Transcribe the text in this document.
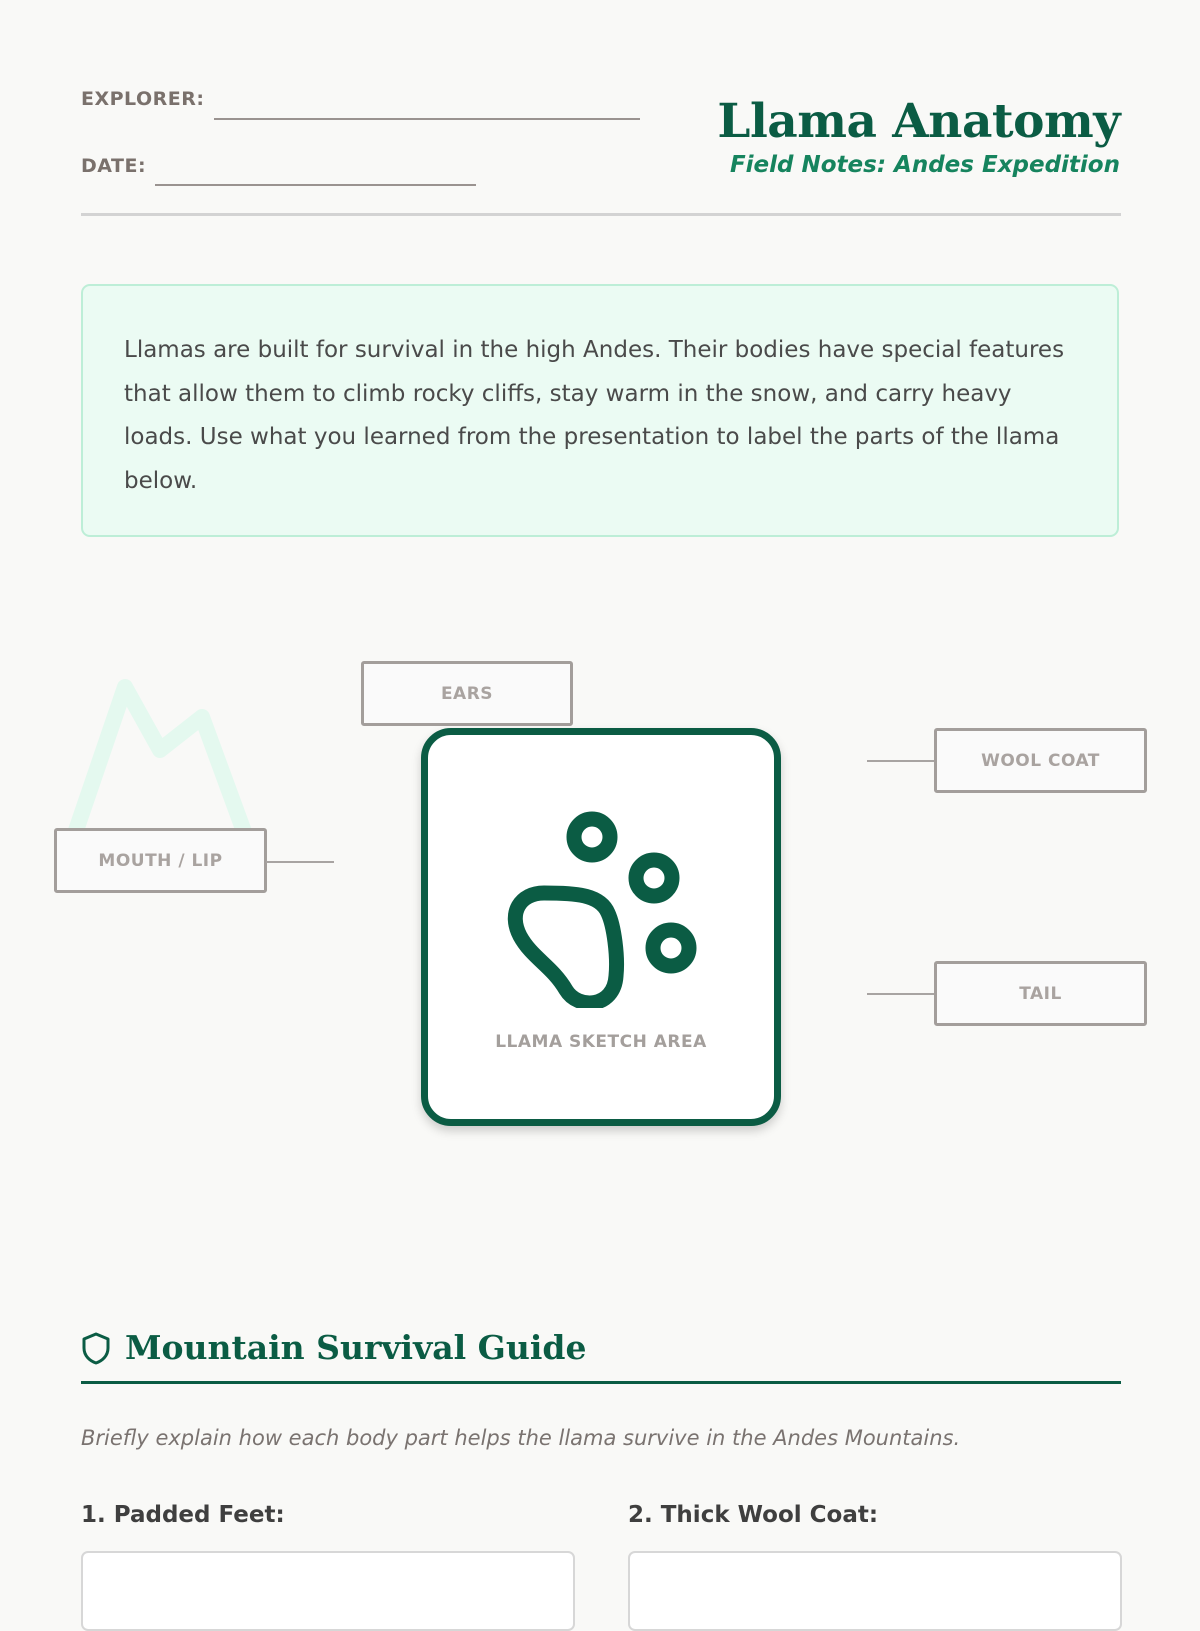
EXPLORER:
DATE:
Llama Anatomy
Field Notes: Andes Expedition

Llamas are built for survival in the high Andes. Their bodies have special features that allow them to climb rocky cliffs, stay warm in the snow, and carry heavy loads. Use what you learned from the presentation to label the parts of the llama below.

EARS
WOOL COAT
MOUTH / LIP
TAIL
LLAMA SKETCH AREA
Mountain Survival Guide
Briefly explain how each body part helps the llama survive in the Andes Mountains.
1. Padded Feet:	2. Thick Wool Coat:
